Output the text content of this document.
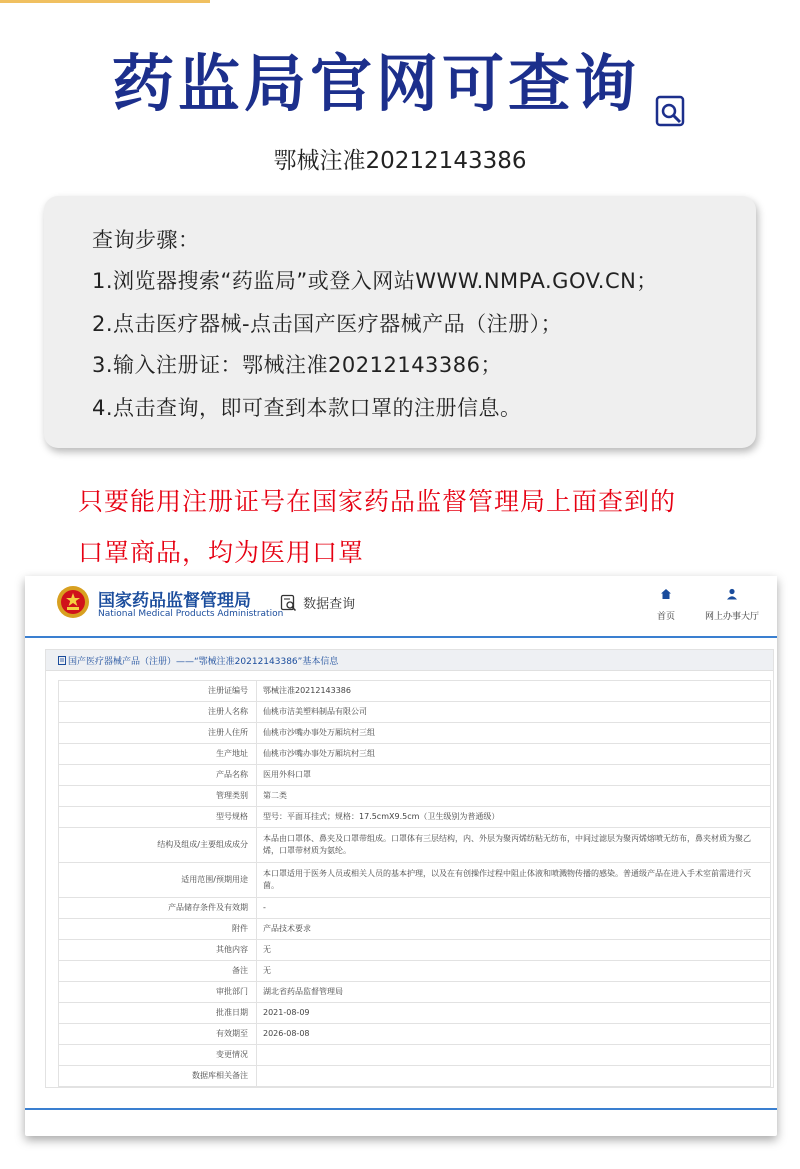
药监局官网可查询
鄂械注准20212143386
查询步骤：
1.浏览器搜索“药监局”或登入网站WWW.NMPA.GOV.CN；
2.点击医疗器械-点击国产医疗器械产品（注册）；
3.输入注册证：鄂械注准20212143386；
4.点击查询，即可查到本款口罩的注册信息。
只要能用注册证号在国家药品监督管理局上面查到的
口罩商品，均为医用口罩
国家药品监督管理局
National Medical Products Administration
数据查询
首页	网上办事大厅
国产医疗器械产品（注册）——“鄂械注准20212143386”基本信息
注册证编号	鄂械注准20212143386
注册人名称	仙桃市洁美塑料制品有限公司
注册人住所	仙桃市沙嘴办事处万厢坑村三组
生产地址	仙桃市沙嘴办事处万厢坑村三组
产品名称	医用外科口罩
管理类别	第二类
型号规格	型号：平面耳挂式；规格：17.5cmX9.5cm（卫生级别为普通级）
结构及组成/主要组成成分	本品由口罩体、鼻夹及口罩带组成。口罩体有三层结构，内、外层为聚丙烯纺粘无纺布，中间过滤层为聚丙烯熔喷无纺布，鼻夹材质为聚乙烯，口罩带材质为氨纶。
适用范围/预期用途	本口罩适用于医务人员或相关人员的基本护理，以及在有创操作过程中阻止体液和喷溅物传播的感染。普通级产品在进入手术室前需进行灭菌。
产品储存条件及有效期	-
附件	产品技术要求
其他内容	无
备注	无
审批部门	湖北省药品监督管理局
批准日期	2021-08-09
有效期至	2026-08-08
变更情况	
数据库相关备注	
